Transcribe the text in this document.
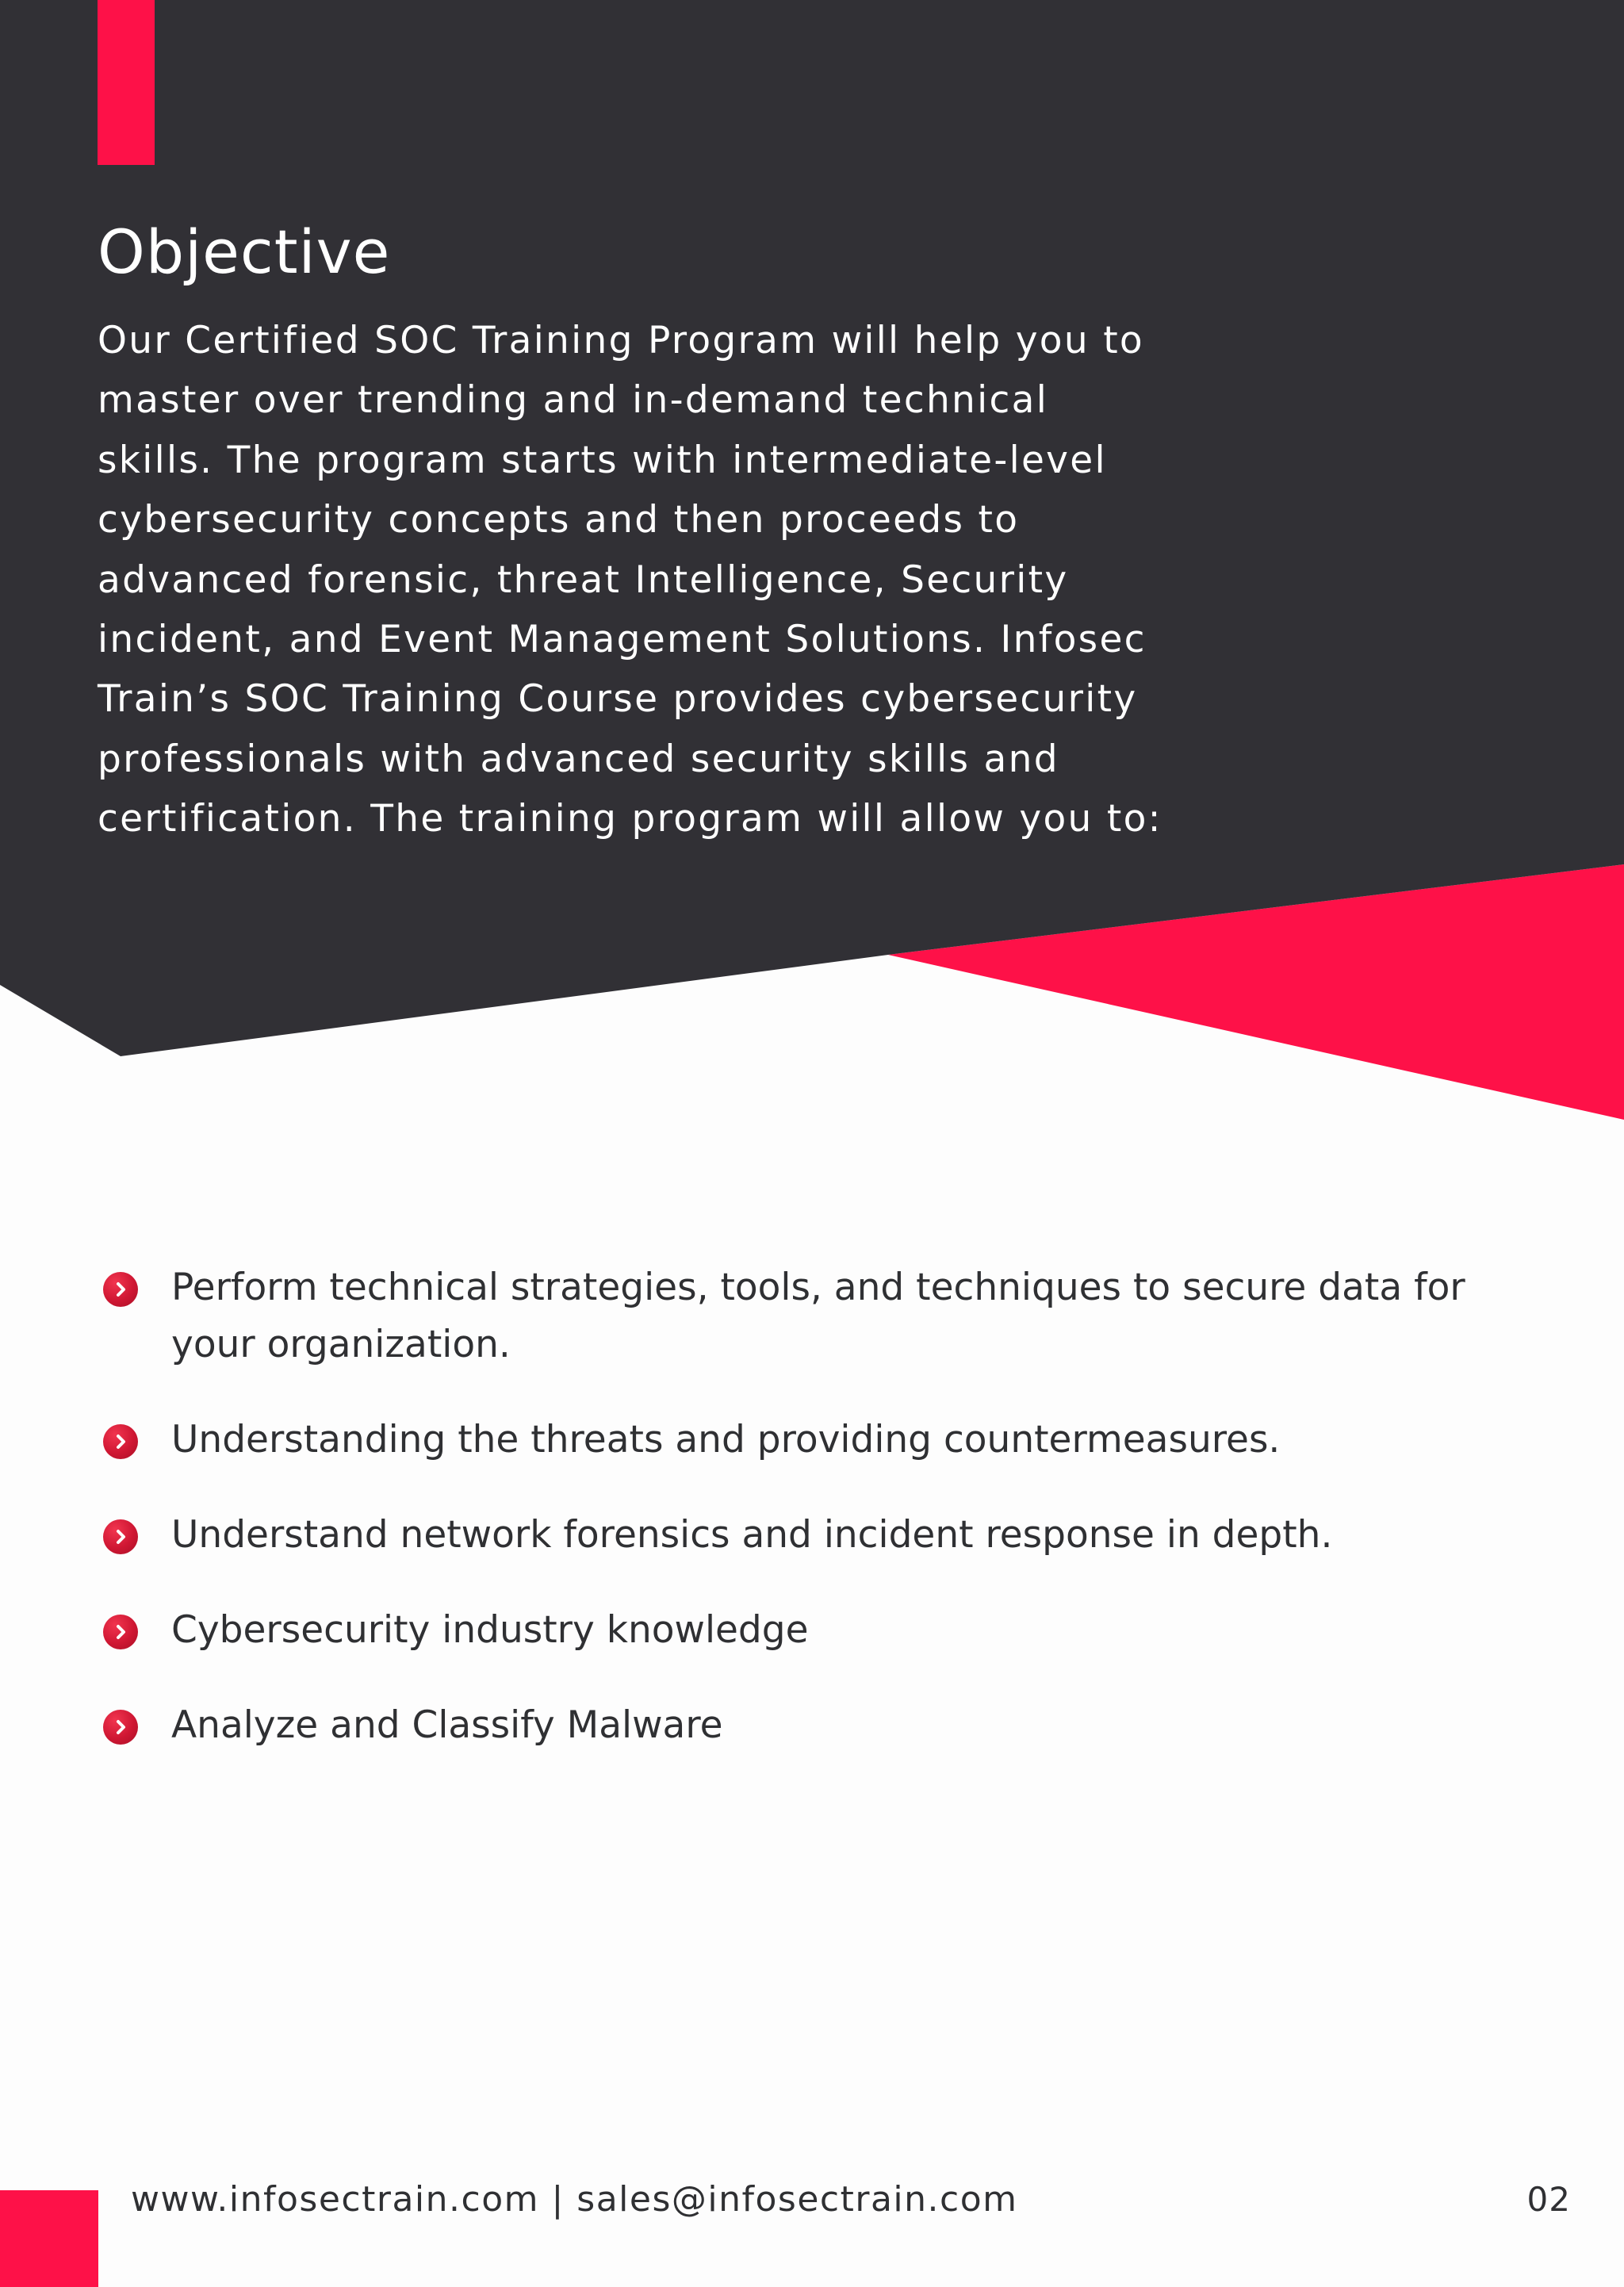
Objective

Our Certified SOC Training Program will help you to
master over trending and in-demand technical
skills. The program starts with intermediate-level
cybersecurity concepts and then proceeds to
advanced forensic, threat Intelligence, Security
incident, and Event Management Solutions. Infosec
Train’s SOC Training Course provides cybersecurity
professionals with advanced security skills and
certification. The training program will allow you to:

Perform technical strategies, tools, and techniques to secure data for your organization.
Understanding the threats and providing countermeasures.
Understand network forensics and incident response in depth.
Cybersecurity industry knowledge
Analyze and Classify Malware

www.infosectrain.com | sales@infosectrain.com	02
